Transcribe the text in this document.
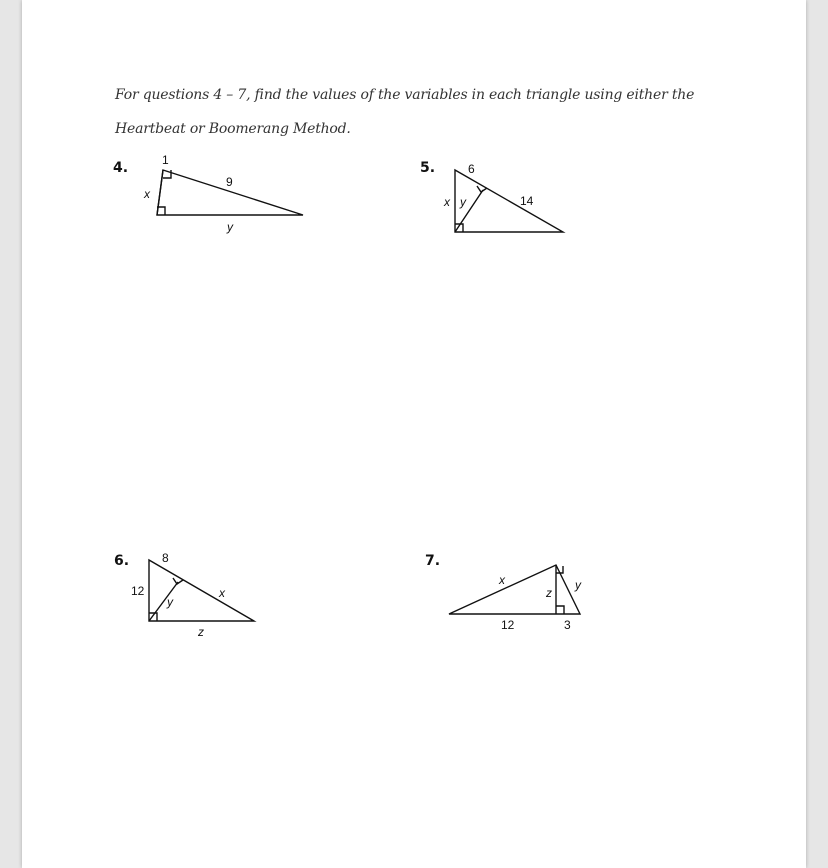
For questions 4 – 7, find the values of the variables in each triangle using either the
Heartbeat or Boomerang Method.
4.	1
9
x
y
5.	6
14
x y
6.	8
12
y
x
z
7.
x	y
z
12	3
